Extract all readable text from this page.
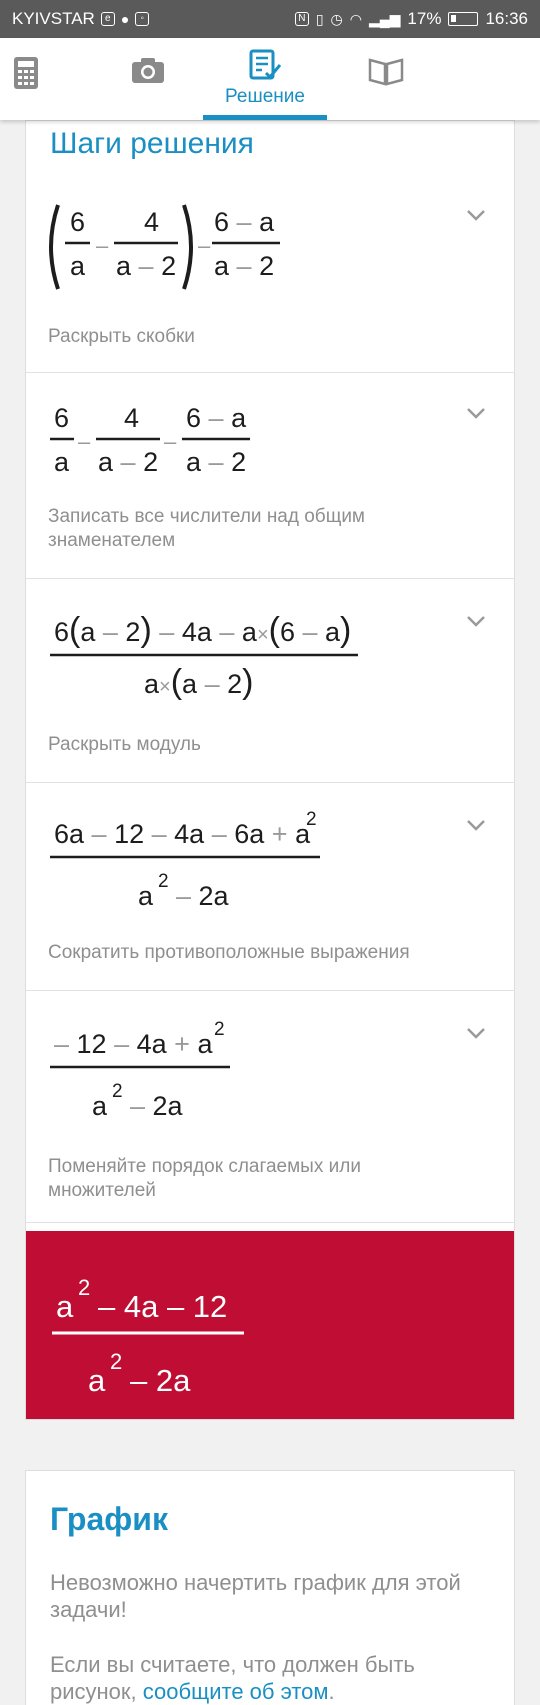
KYIVSTAR	e ●	◦	N ▯ ◷ ◠ ▂▄▆ 17%	16:36
Решение
Шаги решения
6
a
–
4
a – 2
–
6 – a
a – 2
Раскрыть скобки
6
a
–
4
a – 2
–
6 – a
a – 2
Записать все числители над общим знаменателем
6(a – 2) – 4a – a×(6 – a)
a×(a – 2)
Раскрыть модуль
6a – 12 – 4a – 6a + a
2
a 2 – 2a
Сократить противоположные выражения
– 12 – 4a + a 2
a 2 – 2a
Поменяйте порядок слагаемых или множителей
a
2
– 4a – 12
a
2
– 2a
График

Невозможно начертить график для этой задачи!

Если вы считаете, что должен быть рисунок, сообщите об этом.
